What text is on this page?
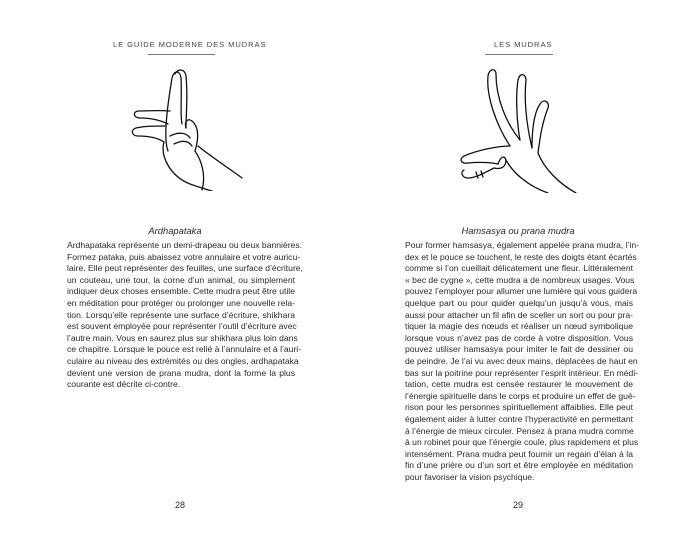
LE GUIDE MODERNE DES MUDRAS
Ardhapataka
Ardhapataka représente un demi-drapeau ou deux bannières.
Formez pataka, puis abaissez votre annulaire et votre auricu-
laire. Elle peut représenter des feuilles, une surface d’écriture,
un couteau, une tour, la corne d’un animal, ou simplement
indiquer deux choses ensemble. Cette mudra peut être utile
en méditation pour protéger ou prolonger une nouvelle rela-
tion. Lorsqu’elle représente une surface d’écriture, shikhara
est souvent employée pour représenter l’outil d’écriture avec
l’autre main. Vous en saurez plus sur shikhara plus loin dans
ce chapitre. Lorsque le pouce est relié à l’annulaire et à l’auri-
culaire au niveau des extrémités ou des ongles, ardhapataka
devient une version de prana mudra, dont la forme la plus
courante est décrite ci-contre.
28
LES MUDRAS
Hamsasya ou prana mudra
Pour former hamsasya, également appelée prana mudra, l’in-
dex et le pouce se touchent, le reste des doigts étant écartés
comme si l’on cueillait délicatement une fleur. Littéralement
« bec de cygne », cette mudra a de nombreux usages. Vous
pouvez l’employer pour allumer une lumière qui vous guidera
quelque part ou pour quider quelqu’un jusqu’à vous, mais
aussi pour attacher un fil afin de sceller un sort ou pour pra-
tiquer la magie des nœuds et réaliser un nœud symbolique
lorsque vous n’avez pas de corde à votre disposition. Vous
pouvez utiliser hamsasya pour imiter le fait de dessiner ou
de peindre. Je l’ai vu avec deux mains, déplacées de haut en
bas sur la poitrine pour représenter l’esprit intérieur. En médi-
tation, cette mudra est censée restaurer le mouvement de
l’énergie spirituelle dans le corps et produire un effet de gué-
rison pour les personnes spirituellement affaiblies. Elle peut
également aider à lutter contre l’hyperactivité en permettant
à l’énergie de mieux circuler. Pensez à prana mudra comme
à un robinet pour que l’énergie coule, plus rapidement et plus
intensément. Prana mudra peut fournir un regain d’élan à la
fin d’une prière ou d’un sort et être employée en méditation
pour favoriser la vision psychique.
29
